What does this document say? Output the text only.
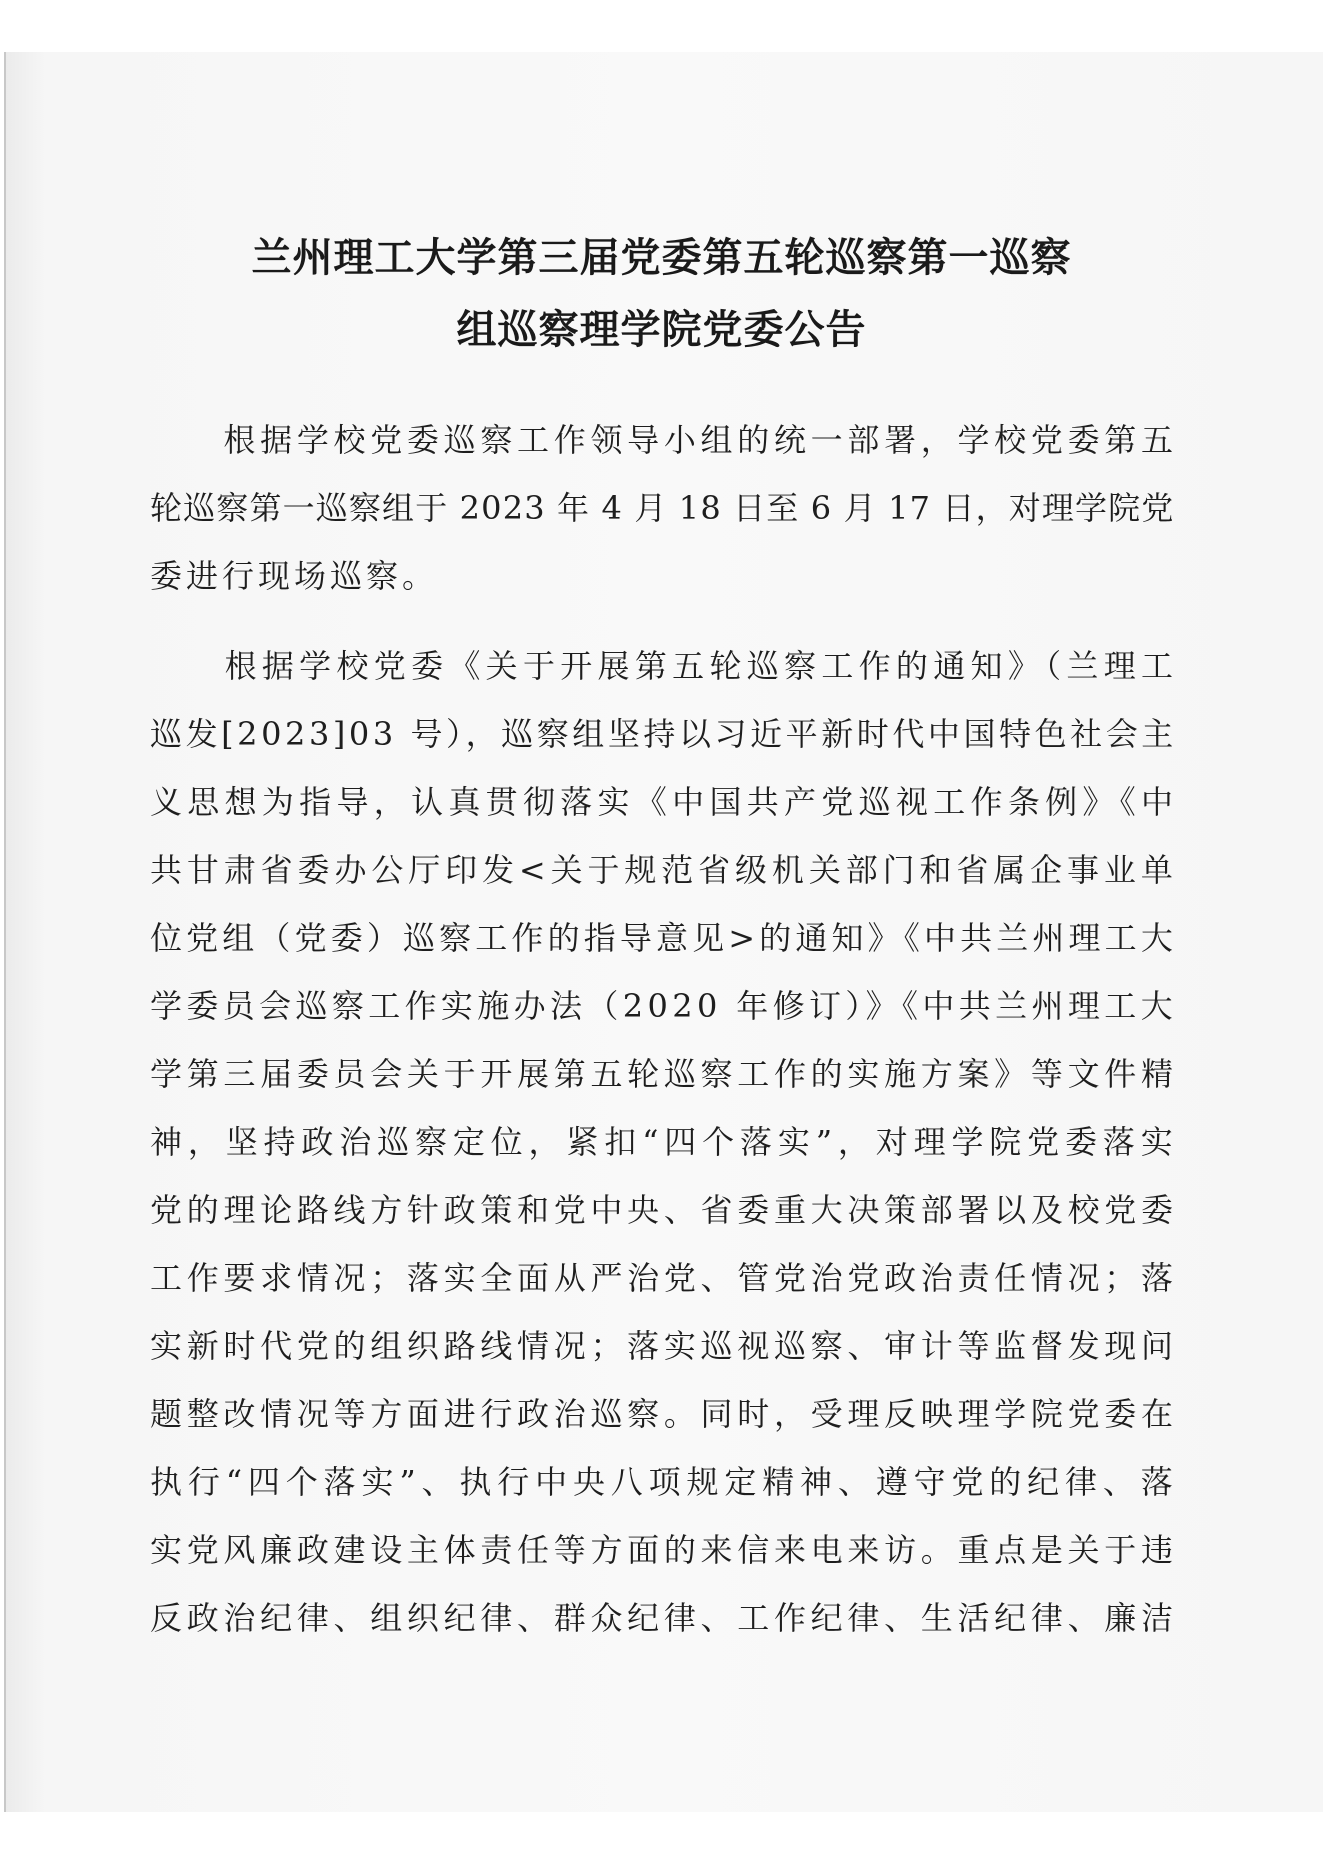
兰州理工大学第三届党委第五轮巡察第一巡察
组巡察理学院党委公告
　　根据学校党委巡察工作领导小组的统一部署，学校党委第五
轮巡察第一巡察组于 2023 年 4 月 18 日至 6 月 17 日，对理学院党
委进行现场巡察。
　　根据学校党委《关于开展第五轮巡察工作的通知》（兰理工
巡发[2023]03 号），巡察组坚持以习近平新时代中国特色社会主
义思想为指导，认真贯彻落实《中国共产党巡视工作条例》《中
共甘肃省委办公厅印发<关于规范省级机关部门和省属企事业单
位党组（党委）巡察工作的指导意见>的通知》《中共兰州理工大
学委员会巡察工作实施办法（2020 年修订）》《中共兰州理工大
学第三届委员会关于开展第五轮巡察工作的实施方案》等文件精
神，坚持政治巡察定位，紧扣“四个落实”，对理学院党委落实
党的理论路线方针政策和党中央、省委重大决策部署以及校党委
工作要求情况；落实全面从严治党、管党治党政治责任情况；落
实新时代党的组织路线情况；落实巡视巡察、审计等监督发现问
题整改情况等方面进行政治巡察。同时，受理反映理学院党委在
执行“四个落实”、执行中央八项规定精神、遵守党的纪律、落
实党风廉政建设主体责任等方面的来信来电来访。重点是关于违
反政治纪律、组织纪律、群众纪律、工作纪律、生活纪律、廉洁
